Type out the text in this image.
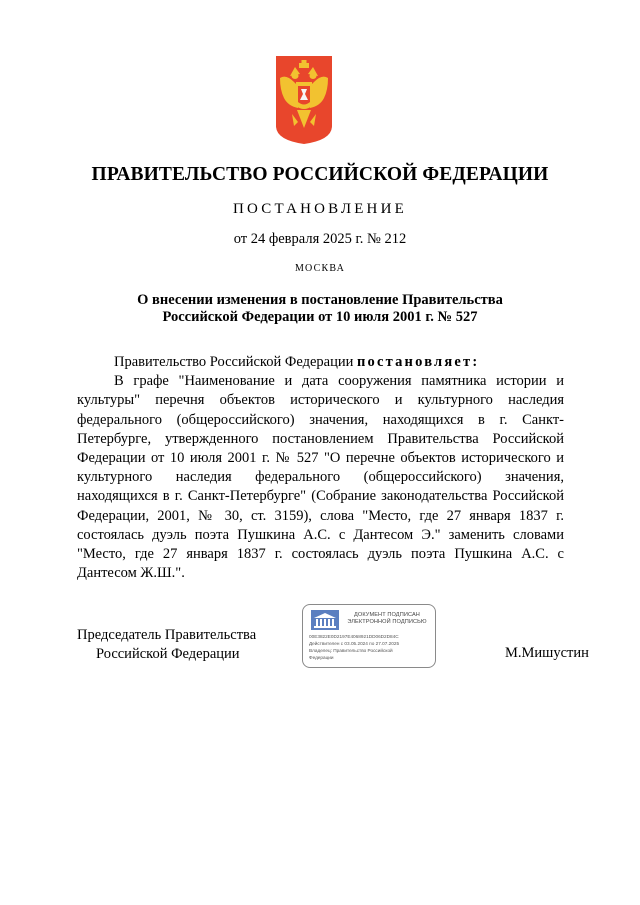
ПРАВИТЕЛЬСТВО РОССИЙСКОЙ ФЕДЕРАЦИИ
ПОСТАНОВЛЕНИЕ
от 24 февраля 2025 г. № 212
МОСКВА
О внесении изменения в постановление Правительства
Российской Федерации от 10 июля 2001 г. № 527
Правительство Российской Федерации постановляет:

В графе "Наименование и дата сооружения памятника истории и культуры" перечня объектов исторического и культурного наследия федерального (общероссийского) значения, находящихся в г. Санкт-Петербурге, утвержденного постановлением Правительства Российской Федерации от 10 июля 2001 г. № 527 "О перечне объектов исторического и культурного наследия федерального (общероссийского) значения, находящихся в г. Санкт-Петербурге" (Собрание законодательства Российской Федерации, 2001, № 30, ст. 3159), слова "Место, где 27 января 1837 г. состоялась дуэль поэта Пушкина А.С. с Дантесом Э." заменить словами "Место, где 27 января 1837 г. состоялась дуэль поэта Пушкина А.С. с Дантесом Ж.Ш.".

Председатель Правительства
Российской Федерации
ДОКУМЕНТ ПОДПИСАН
ЭЛЕКТРОННОЙ ПОДПИСЬЮ
00E3822E0D2197E4068921DD06D2D84C
Действителен с 03.05.2024 по 27.07.2025
Владелец: Правительство Российской
Федерации	М.Мишустин
